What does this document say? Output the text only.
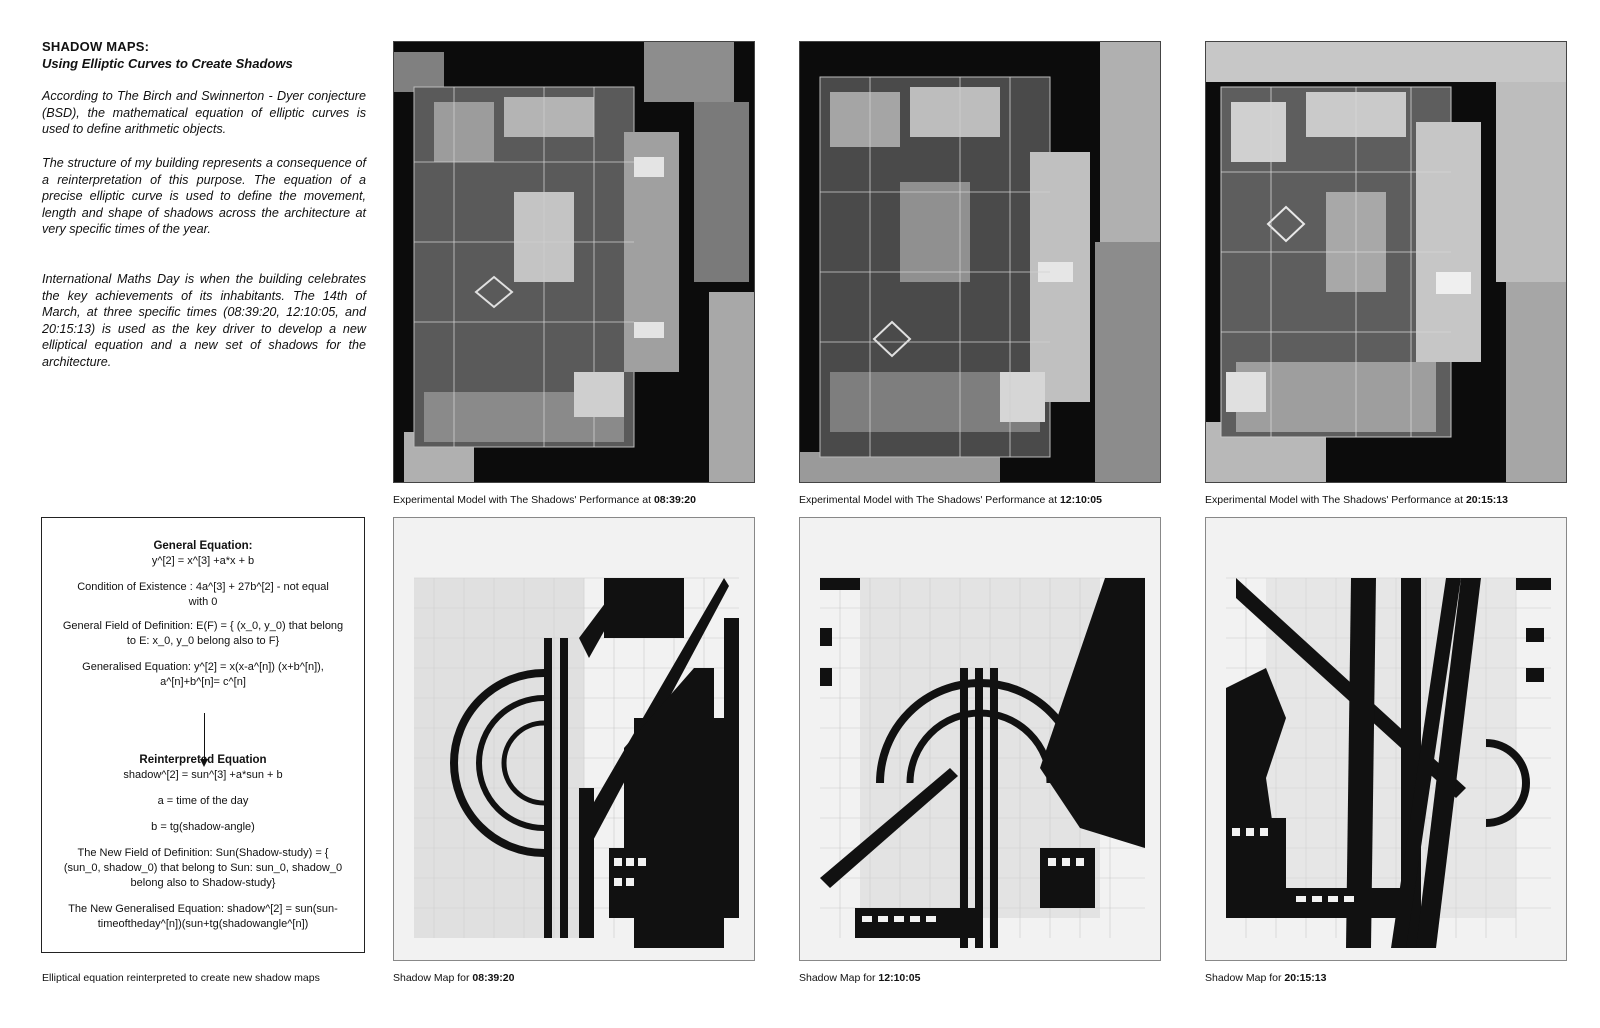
SHADOW MAPS:
Using Elliptic Curves to Create Shadows

According to The Birch and Swinnerton - Dyer conjecture (BSD), the mathematical equation of elliptic curves is used to define arithmetic objects.

The structure of my building represents a consequence of a reinterpretation of this purpose. The equation of a precise elliptic curve is used to define the movement, length and shape of shadows across the architecture at very specific times of the year.

International Maths Day is when the building celebrates the key achievements of its inhabitants. The 14th of March, at three specific times (08:39:20, 12:10:05, and 20:15:13) is used as the key driver to develop a new elliptical equation and a new set of shadows for the architecture.

General Equation:
y^[2] = x^[3] +a*x + b
Condition of Existence : 4a^[3] + 27b^[2] - not equal
with 0
General Field of Definition: E(F) = { (x_0, y_0) that belong
to E: x_0, y_0 belong also to F}
Generalised Equation: y^[2] = x(x-a^[n]) (x+b^[n]),
a^[n]+b^[n]= c^[n]
Reinterpreted Equation
shadow^[2] = sun^[3] +a*sun + b
a = time of the day
b = tg(shadow-angle)
The New Field of Definition: Sun(Shadow-study) = {
(sun_0, shadow_0) that belong to Sun: sun_0, shadow_0
belong also to Shadow-study}
The New Generalised Equation: shadow^[2] = sun(sun-
timeoftheday^[n])(sun+tg(shadowangle^[n])
Elliptical equation reinterpreted to create new shadow maps
Experimental Model with The Shadows' Performance at 08:39:20	Experimental Model with The Shadows' Performance at 12:10:05	Experimental Model with The Shadows' Performance at 20:15:13
Shadow Map for 08:39:20	Shadow Map for 12:10:05	Shadow Map for 20:15:13
